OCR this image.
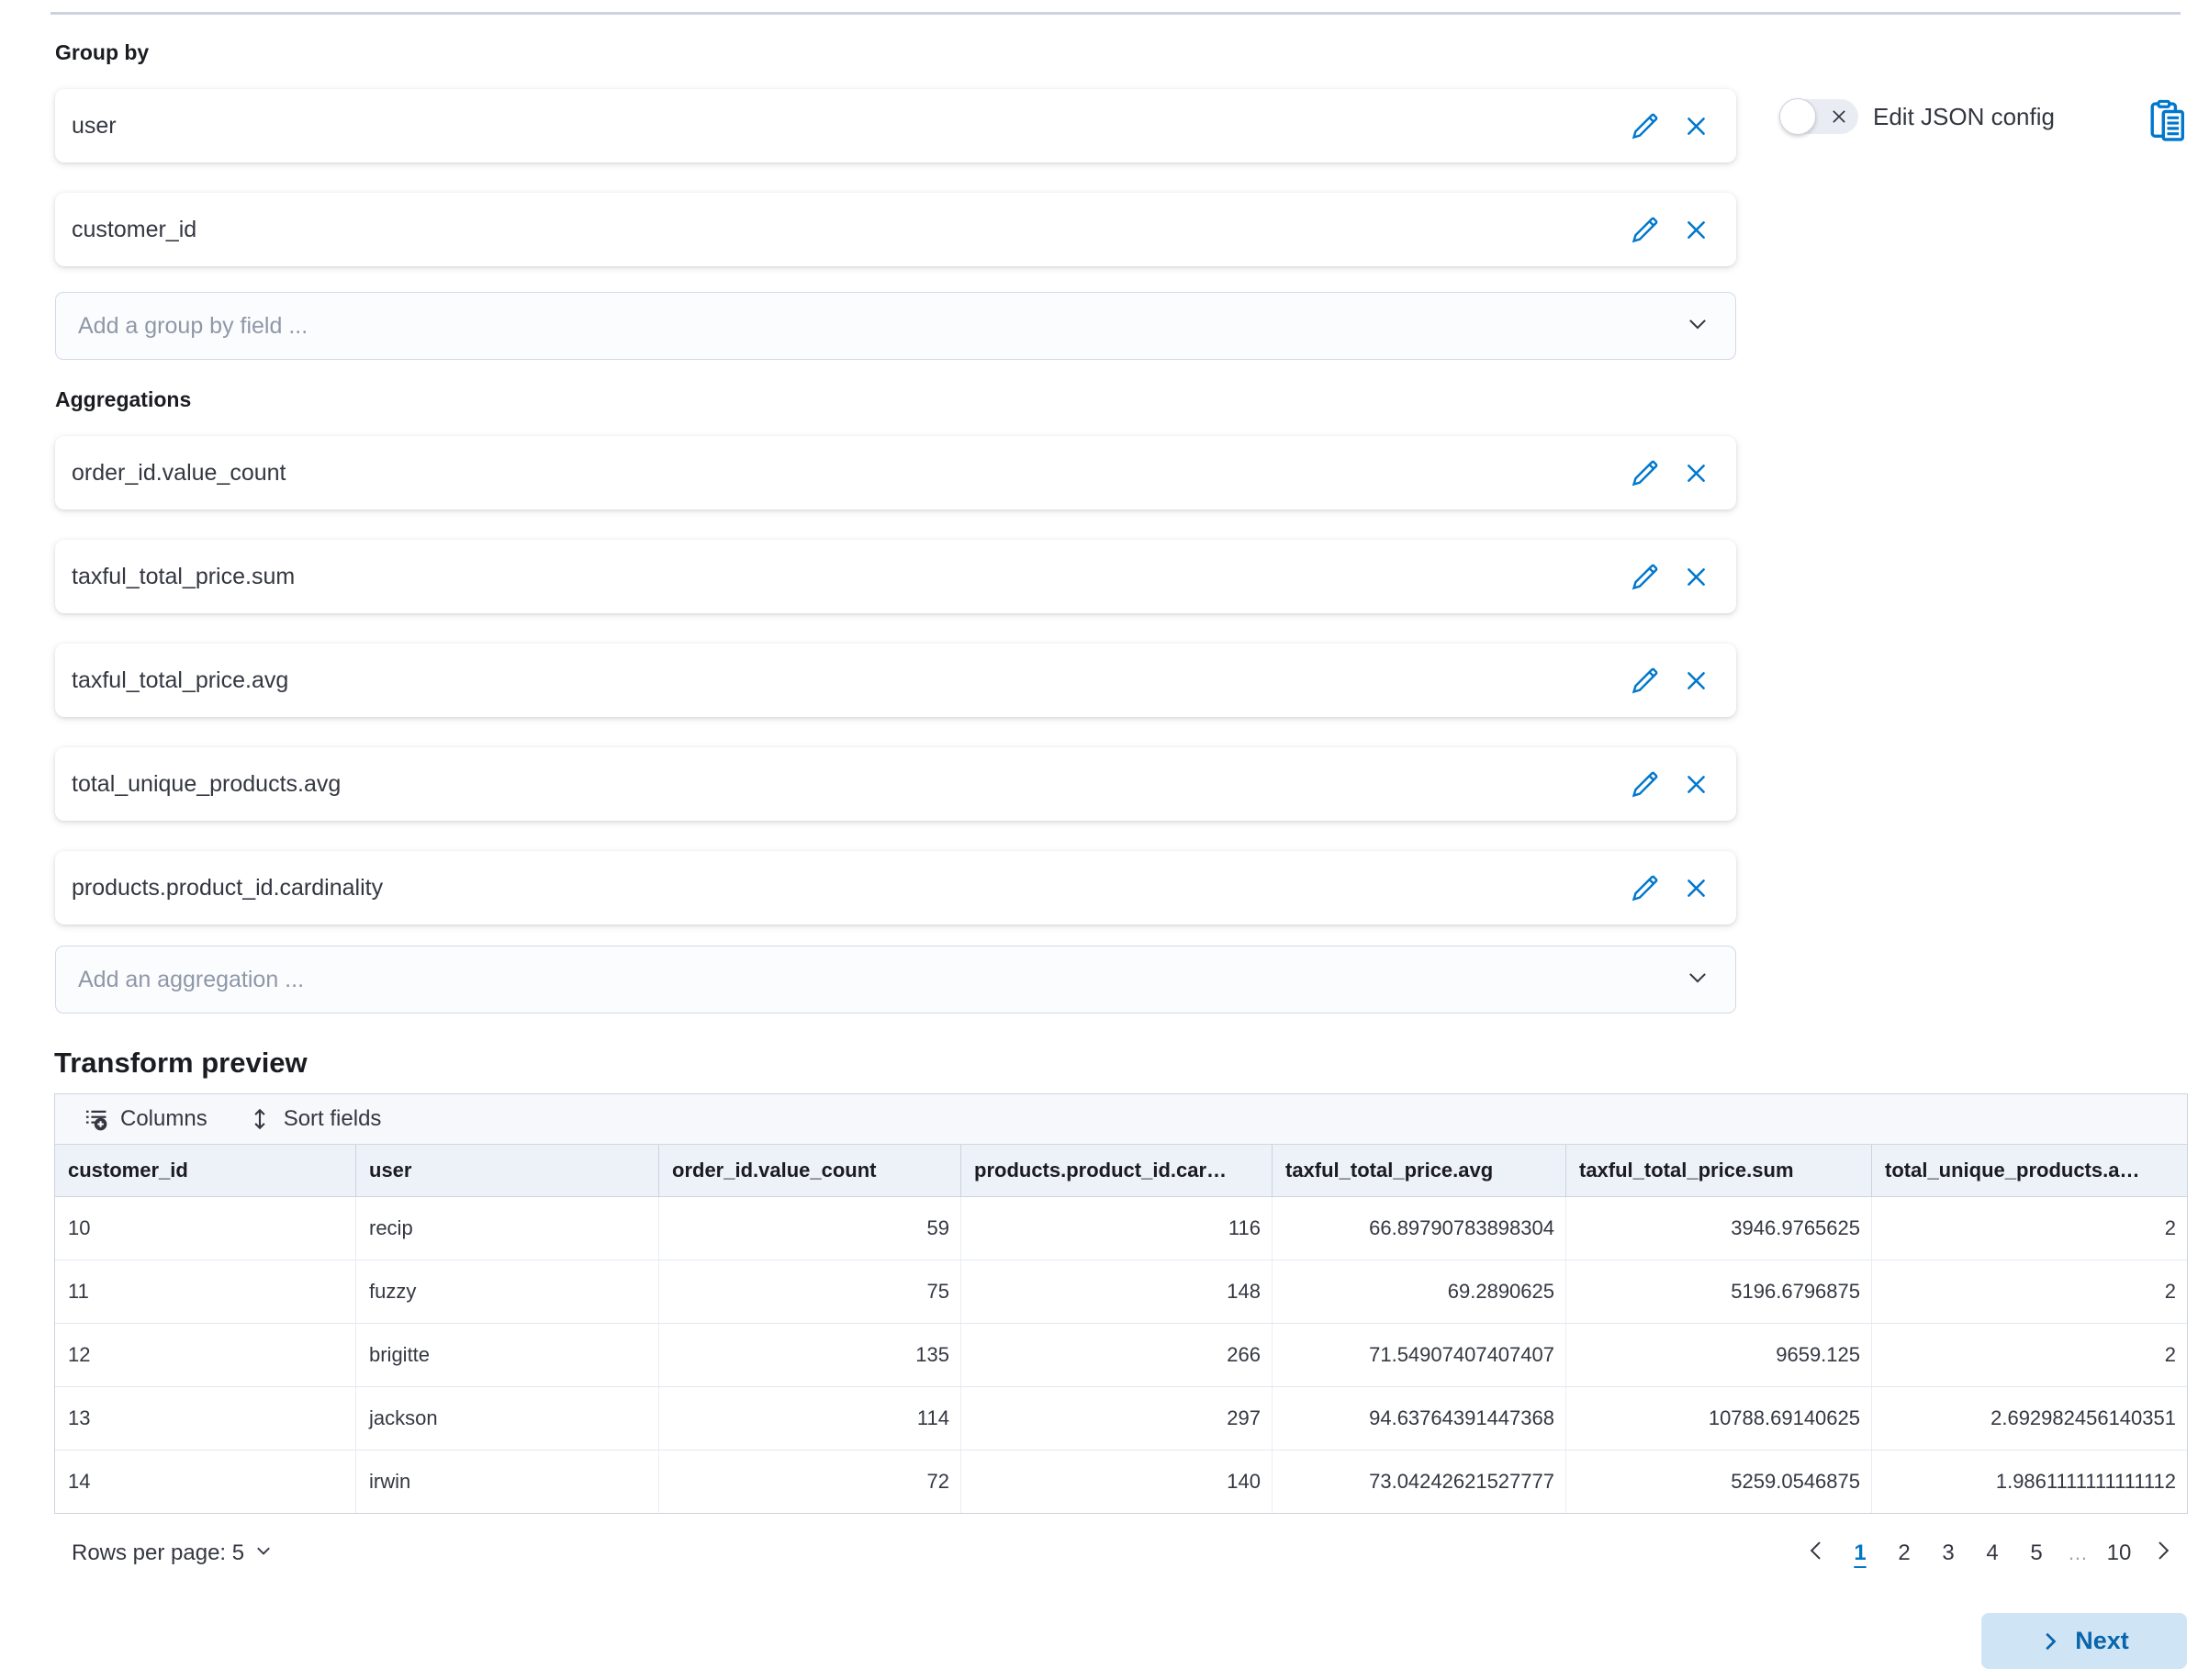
Group by
user
customer_id
Add a group by field ...
Edit JSON config
Aggregations
order_id.value_count
taxful_total_price.sum
taxful_total_price.avg
total_unique_products.avg
products.product_id.cardinality
Add an aggregation ...
Transform preview
Columns	Sort fields
customer_id	user	order_id.value_count	products.product_id.car…	taxful_total_price.avg	taxful_total_price.sum	total_unique_products.a…
10	recip	59	116	66.89790783898304	3946.9765625	2
11	fuzzy	75	148	69.2890625	5196.6796875	2
12	brigitte	135	266	71.54907407407407	9659.125	2
13	jackson	114	297	94.63764391447368	10788.69140625	2.692982456140351
14	irwin	72	140	73.04242621527777	5259.0546875	1.9861111111111112
Rows per page: 5	1	2	3	4	5	… 10
Next
